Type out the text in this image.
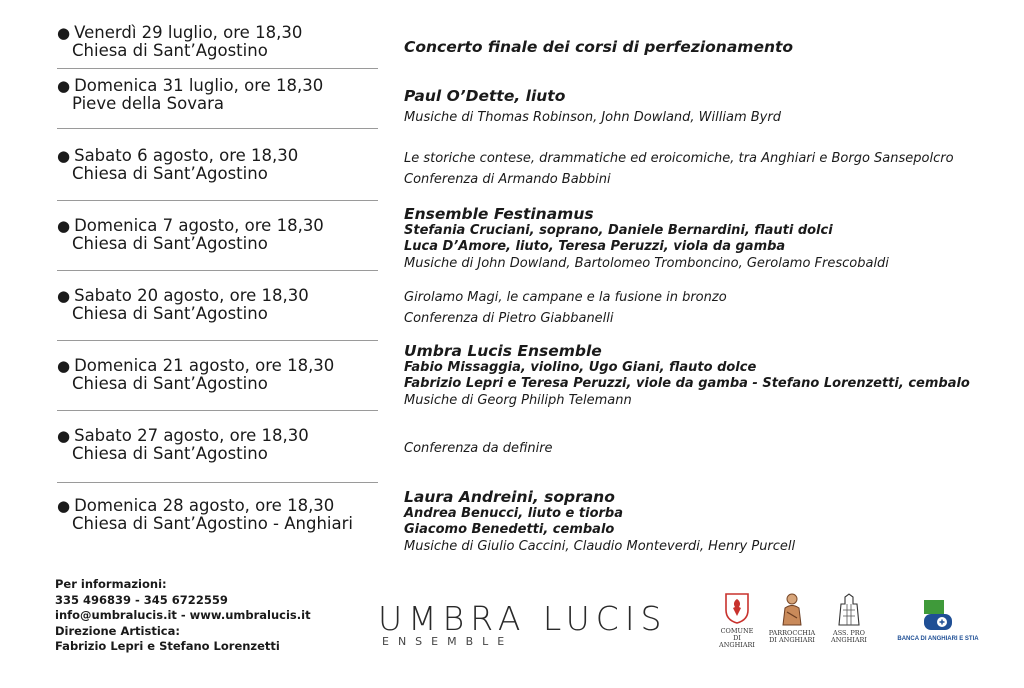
● Venerdì 29 luglio, ore 18,30
Chiesa di Sant’Agostino
● Domenica 31 luglio, ore 18,30
Pieve della Sovara
● Sabato 6 agosto, ore 18,30
Chiesa di Sant’Agostino
● Domenica 7 agosto, ore 18,30
Chiesa di Sant’Agostino
● Sabato 20 agosto, ore 18,30
Chiesa di Sant’Agostino
● Domenica 21 agosto, ore 18,30
Chiesa di Sant’Agostino
● Sabato 27 agosto, ore 18,30
Chiesa di Sant’Agostino
● Domenica 28 agosto, ore 18,30
Chiesa di Sant’Agostino - Anghiari
Concerto finale dei corsi di perfezionamento
Paul O’Dette, liuto
Musiche di Thomas Robinson, John Dowland, William Byrd
Le storiche contese, drammatiche ed eroicomiche, tra Anghiari e Borgo Sansepolcro
Conferenza di Armando Babbini
Ensemble Festinamus
Stefania Cruciani, soprano, Daniele Bernardini, flauti dolci
Luca D’Amore, liuto, Teresa Peruzzi, viola da gamba
Musiche di John Dowland, Bartolomeo Tromboncino, Gerolamo Frescobaldi
Girolamo Magi, le campane e la fusione in bronzo
Conferenza di Pietro Giabbanelli
Umbra Lucis Ensemble
Fabio Missaggia, violino, Ugo Giani, flauto dolce
Fabrizio Lepri e Teresa Peruzzi, viole da gamba - Stefano Lorenzetti, cembalo
Musiche di Georg Philiph Telemann
Conferenza da definire
Laura Andreini, soprano
Andrea Benucci, liuto e tiorba
Giacomo Benedetti, cembalo
Musiche di Giulio Caccini, Claudio Monteverdi, Henry Purcell
Per informazioni:
335 496839 - 345 6722559
info@umbralucis.it - www.umbralucis.it
Direzione Artistica:
Fabrizio Lepri e Stefano Lorenzetti
UMBRA LUCIS
ENSEMBLE
COMUNE DI
ANGHIARI
PARROCCHIA
DI ANGHIARI
ASS. PRO
ANGHIARI	BANCA DI ANGHIARI E STIA
